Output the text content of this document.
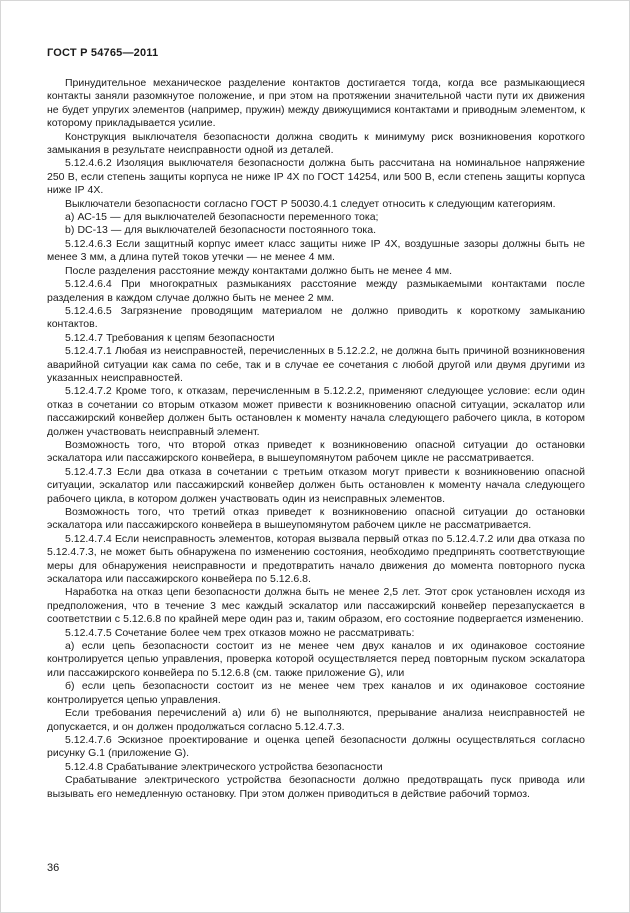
ГОСТ Р 54765—2011

Принудительное механическое разделение контактов достигается тогда, когда все размыкающиеся контакты заняли разомкнутое положение, и при этом на протяжении значительной части пути их движения не будет упругих элементов (например, пружин) между движущимися контактами и приводным элементом, к которому прикладывается усилие.

Конструкция выключателя безопасности должна сводить к минимуму риск возникновения короткого замыкания в результате неисправности одной из деталей.

5.12.4.6.2 Изоляция выключателя безопасности должна быть рассчитана на номинальное напряжение 250 В, если степень защиты корпуса не ниже IP 4X по ГОСТ 14254, или 500 В, если степень защиты корпуса ниже IP 4X.

Выключатели безопасности согласно ГОСТ Р 50030.4.1 следует относить к следующим категориям.

а) АС-15 — для выключателей безопасности переменного тока;

b) DC-13 — для выключателей безопасности постоянного тока.

5.12.4.6.3 Если защитный корпус имеет класс защиты ниже IP 4X, воздушные зазоры должны быть не менее 3 мм, а длина путей токов утечки — не менее 4 мм.

После разделения расстояние между контактами должно быть не менее 4 мм.

5.12.4.6.4 При многократных размыканиях расстояние между размыкаемыми контактами после разделения в каждом случае должно быть не менее 2 мм.

5.12.4.6.5 Загрязнение проводящим материалом не должно приводить к короткому замыканию контактов.

5.12.4.7 Требования к цепям безопасности

5.12.4.7.1 Любая из неисправностей, перечисленных в 5.12.2.2, не должна быть причиной возникновения аварийной ситуации как сама по себе, так и в случае ее сочетания с любой другой или двумя другими из указанных неисправностей.

5.12.4.7.2 Кроме того, к отказам, перечисленным в 5.12.2.2, применяют следующее условие: если один отказ в сочетании со вторым отказом может привести к возникновению опасной ситуации, эскалатор или пассажирский конвейер должен быть остановлен к моменту начала следующего рабочего цикла, в котором должен участвовать неисправный элемент.

Возможность того, что второй отказ приведет к возникновению опасной ситуации до остановки эскалатора или пассажирского конвейера, в вышеупомянутом рабочем цикле не рассматривается.

5.12.4.7.3 Если два отказа в сочетании с третьим отказом могут привести к возникновению опасной ситуации, эскалатор или пассажирский конвейер должен быть остановлен к моменту начала следующего рабочего цикла, в котором должен участвовать один из неисправных элементов.

Возможность того, что третий отказ приведет к возникновению опасной ситуации до остановки эскалатора или пассажирского конвейера в вышеупомянутом рабочем цикле не рассматривается.

5.12.4.7.4 Если неисправность элементов, которая вызвала первый отказ по 5.12.4.7.2 или два отказа по 5.12.4.7.3, не может быть обнаружена по изменению состояния, необходимо предпринять соответствующие меры для обнаружения неисправности и предотвратить начало движения до момента повторного пуска эскалатора или пассажирского конвейера по 5.12.6.8.

Наработка на отказ цепи безопасности должна быть не менее 2,5 лет. Этот срок установлен исходя из предположения, что в течение 3 мес каждый эскалатор или пассажирский конвейер перезапускается в соответствии с 5.12.6.8 по крайней мере один раз и, таким образом, его состояние подвергается изменению.

5.12.4.7.5 Сочетание более чем трех отказов можно не рассматривать:

а) если цепь безопасности состоит из не менее чем двух каналов и их одинаковое состояние контролируется цепью управления, проверка которой осуществляется перед повторным пуском эскалатора или пассажирского конвейера по 5.12.6.8 (см. также приложение G), или

б) если цепь безопасности состоит из не менее чем трех каналов и их одинаковое состояние контролируется цепью управления.

Если требования перечислений а) или б) не выполняются, прерывание анализа неисправностей не допускается, и он должен продолжаться согласно 5.12.4.7.3.

5.12.4.7.6 Эскизное проектирование и оценка цепей безопасности должны осуществляться согласно рисунку G.1 (приложение G).

5.12.4.8 Срабатывание электрического устройства безопасности

Срабатывание электрического устройства безопасности должно предотвращать пуск привода или вызывать его немедленную остановку. При этом должен приводиться в действие рабочий тормоз.

36
